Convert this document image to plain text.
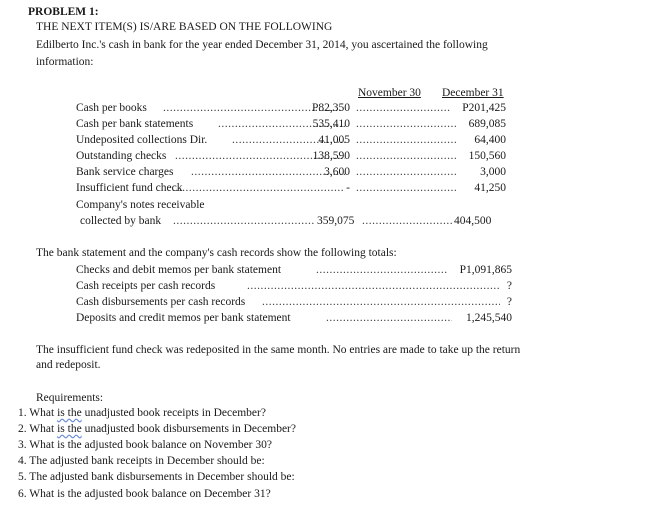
PROBLEM 1:
THE NEXT ITEM(S) IS/ARE BASED ON THE FOLLOWING
Edilberto Inc.'s cash in bank for the year ended December 31, 2014, you ascertained the following
information:
November 30 December 31
Cash per books .....	P82,350 .....	P201,425
Cash per bank statements .....	535,410 .....	689,085
Undeposited collections Dir. .....	41,005 .....	64,400
Outstanding checks .....	138,590 .....	150,560
Bank service charges .....	3,600 .....	3,000
Insufficient fund check .....	- .....	41,250
Company's notes receivable
collected by bank .....	359,075 .....	404,500
The bank statement and the company's cash records show the following totals:
Checks and debit memos per bank statement .....	P1,091,865
Cash receipts per cash records .....	?
Cash disbursements per cash records .....	?
Deposits and credit memos per bank statement .....	1,245,540
The insufficient fund check was redeposited in the same month. No entries are made to take up the return
and redeposit.
Requirements:
1. What is the unadjusted book receipts in December?
2. What is the unadjusted book disbursements in December?
3. What is the adjusted book balance on November 30?
4. The adjusted bank receipts in December should be:
5. The adjusted bank disbursements in December should be:
6. What is the adjusted book balance on December 31?
